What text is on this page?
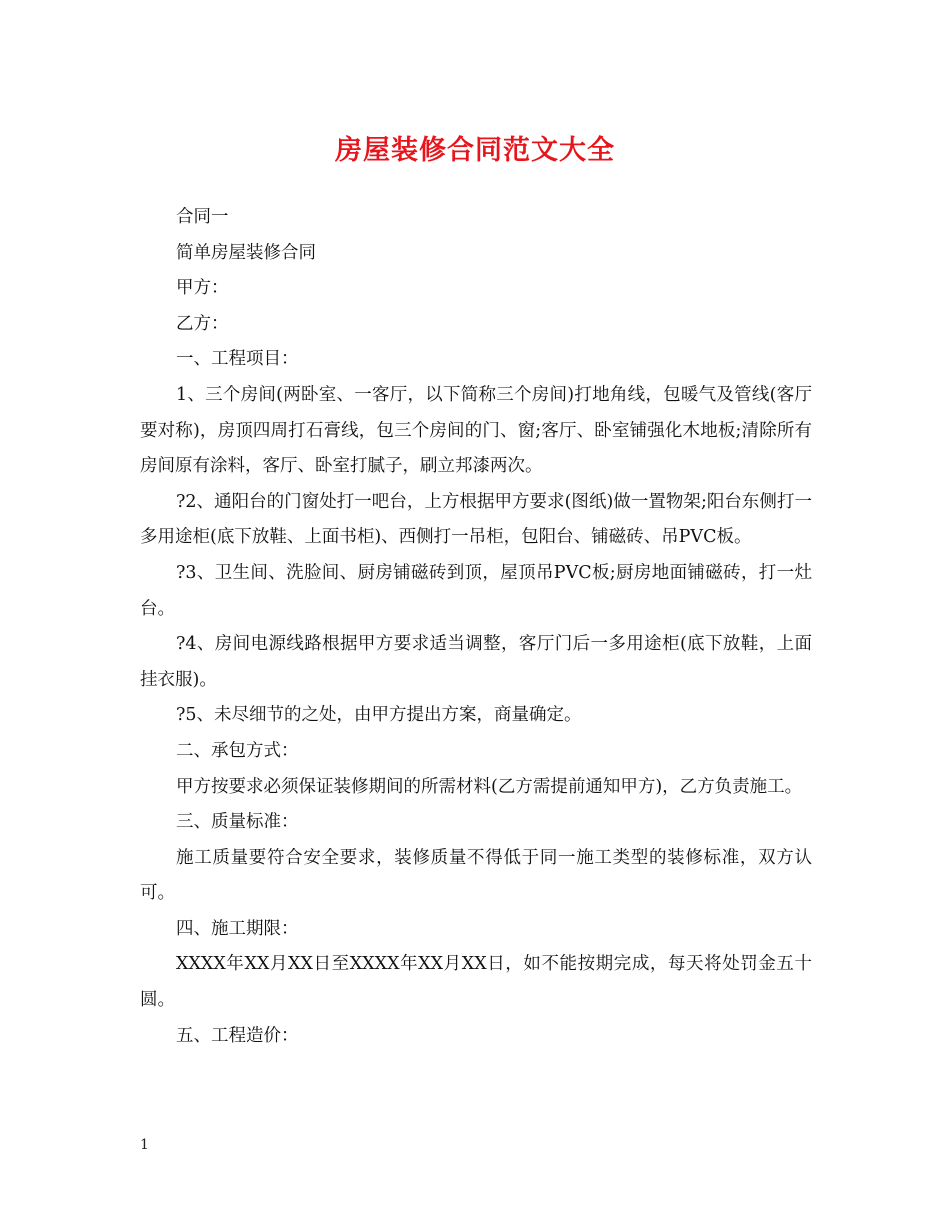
房屋装修合同范文大全

合同一

简单房屋装修合同

甲方：

乙方：

一、工程项目：

1、三个房间(两卧室、一客厅，以下简称三个房间)打地角线，包暖气及管线(客厅要对称)，房顶四周打石膏线，包三个房间的门、窗;客厅、卧室铺强化木地板;清除所有房间原有涂料，客厅、卧室打腻子，刷立邦漆两次。

?2、通阳台的门窗处打一吧台，上方根据甲方要求(图纸)做一置物架;阳台东侧打一多用途柜(底下放鞋、上面书柜)、西侧打一吊柜，包阳台、铺磁砖、吊PVC板。

?3、卫生间、洗脸间、厨房铺磁砖到顶，屋顶吊PVC板;厨房地面铺磁砖，打一灶台。

?4、房间电源线路根据甲方要求适当调整，客厅门后一多用途柜(底下放鞋，上面挂衣服)。

?5、未尽细节的之处，由甲方提出方案，商量确定。

二、承包方式：

甲方按要求必须保证装修期间的所需材料(乙方需提前通知甲方)，乙方负责施工。

三、质量标准：

施工质量要符合安全要求，装修质量不得低于同一施工类型的装修标准，双方认可。

四、施工期限：

XXXX年XX月XX日至XXXX年XX月XX日，如不能按期完成，每天将处罚金五十圆。

五、工程造价：

1
